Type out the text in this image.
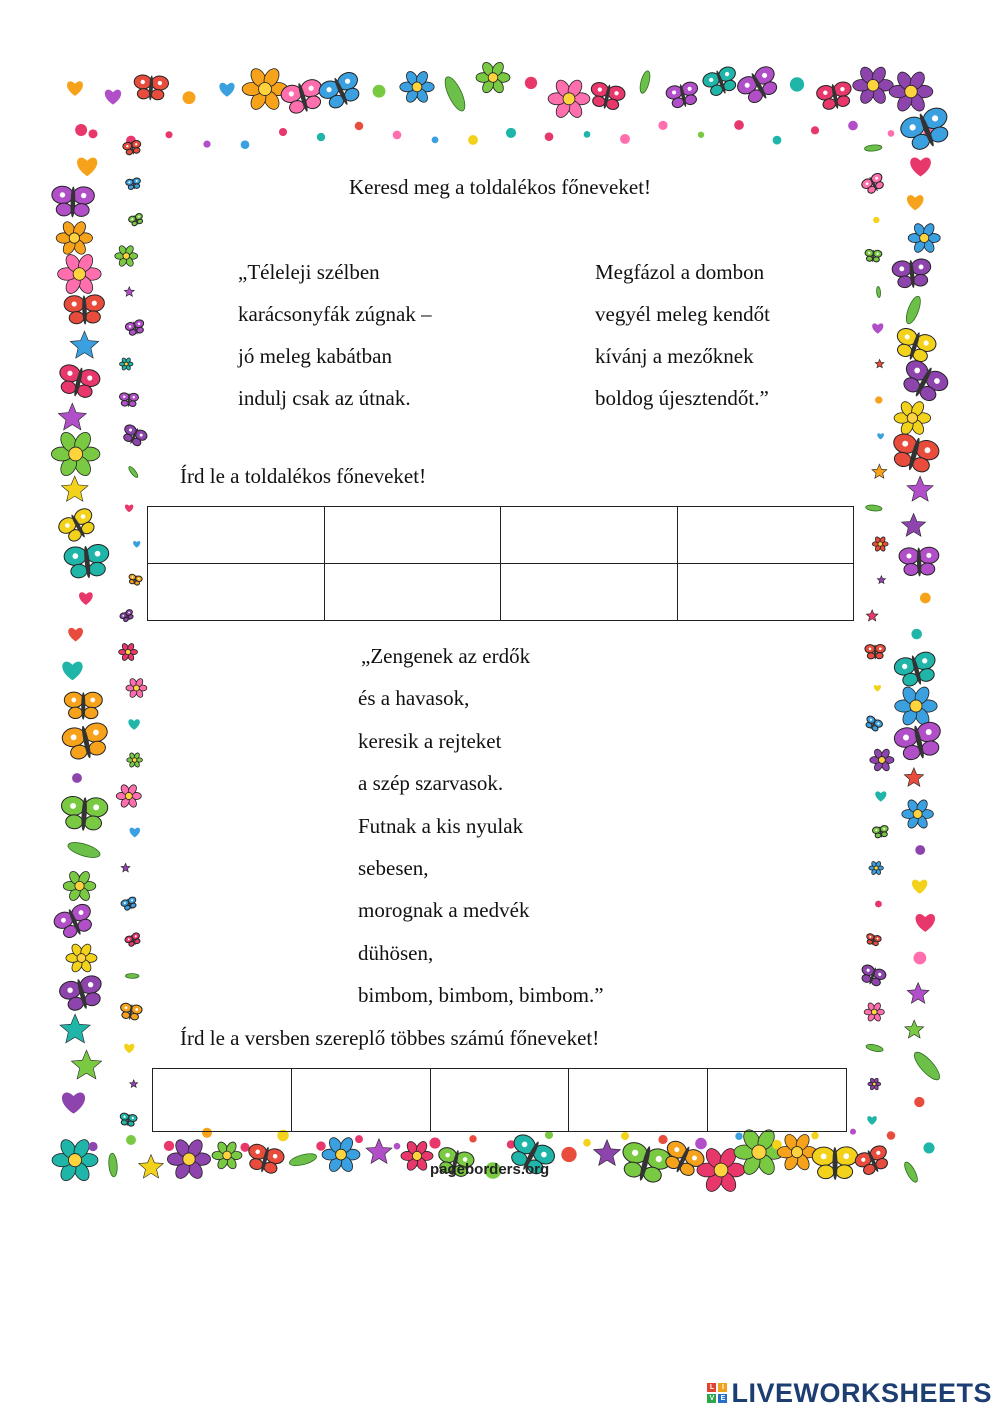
Keresd meg a toldalékos főneveket!
„Téleleji szélben
karácsonyfák zúgnak –
jó meleg kabátban
indulj csak az útnak.
Megfázol a dombon
vegyél meleg kendőt
kívánj a mezőknek
boldog újesztendőt.”
Írd le a toldalékos főneveket!

„Zengenek az erdők
és a havasok,
keresik a rejteket
a szép szarvasok.
Futnak a kis nyulak
sebesen,
morognak a medvék
dühösen,
bimbom, bimbom, bimbom.”
Írd le a versben szereplő többes számú főneveket!

pageborders.org
L	I
V E LIVEWORKSHEETS
